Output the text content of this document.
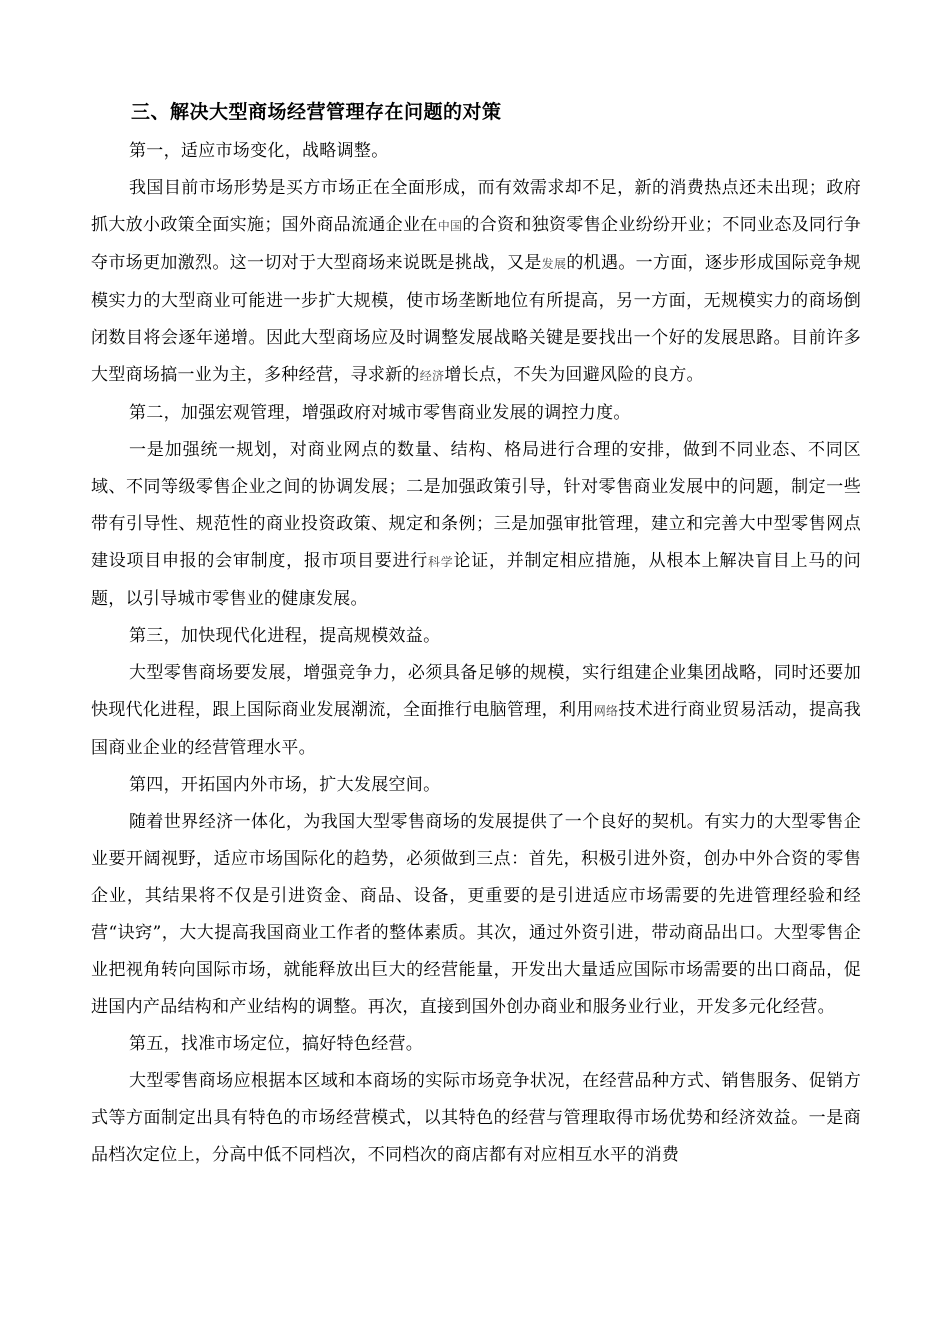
三、解决大型商场经营管理存在问题的对策

第一，适应市场变化，战略调整。

我国目前市场形势是买方市场正在全面形成，而有效需求却不足，新的消费热点还未出现；政府抓大放小政策全面实施；国外商品流通企业在中国的合资和独资零售企业纷纷开业；不同业态及同行争夺市场更加激烈。这一切对于大型商场来说既是挑战，又是发展的机遇。一方面，逐步形成国际竞争规模实力的大型商业可能进一步扩大规模，使市场垄断地位有所提高，另一方面，无规模实力的商场倒闭数目将会逐年递增。因此大型商场应及时调整发展战略关键是要找出一个好的发展思路。目前许多大型商场搞一业为主，多种经营，寻求新的经济增长点，不失为回避风险的良方。

第二，加强宏观管理，增强政府对城市零售商业发展的调控力度。

一是加强统一规划，对商业网点的数量、结构、格局进行合理的安排，做到不同业态、不同区域、不同等级零售企业之间的协调发展；二是加强政策引导，针对零售商业发展中的问题，制定一些带有引导性、规范性的商业投资政策、规定和条例；三是加强审批管理，建立和完善大中型零售网点建设项目申报的会审制度，报市项目要进行科学论证，并制定相应措施，从根本上解决盲目上马的问题，以引导城市零售业的健康发展。

第三，加快现代化进程，提高规模效益。

大型零售商场要发展，增强竞争力，必须具备足够的规模，实行组建企业集团战略，同时还要加快现代化进程，跟上国际商业发展潮流，全面推行电脑管理，利用网络技术进行商业贸易活动，提高我国商业企业的经营管理水平。

第四，开拓国内外市场，扩大发展空间。

随着世界经济一体化，为我国大型零售商场的发展提供了一个良好的契机。有实力的大型零售企业要开阔视野，适应市场国际化的趋势，必须做到三点：首先，积极引进外资，创办中外合资的零售企业，其结果将不仅是引进资金、商品、设备，更重要的是引进适应市场需要的先进管理经验和经营“诀窍”，大大提高我国商业工作者的整体素质。其次，通过外资引进，带动商品出口。大型零售企业把视角转向国际市场，就能释放出巨大的经营能量，开发出大量适应国际市场需要的出口商品，促进国内产品结构和产业结构的调整。再次，直接到国外创办商业和服务业行业，开发多元化经营。

第五，找准市场定位，搞好特色经营。

大型零售商场应根据本区域和本商场的实际市场竞争状况，在经营品种方式、销售服务、促销方式等方面制定出具有特色的市场经营模式，以其特色的经营与管理取得市场优势和经济效益。一是商品档次定位上，分高中低不同档次，不同档次的商店都有对应相互水平的消费
